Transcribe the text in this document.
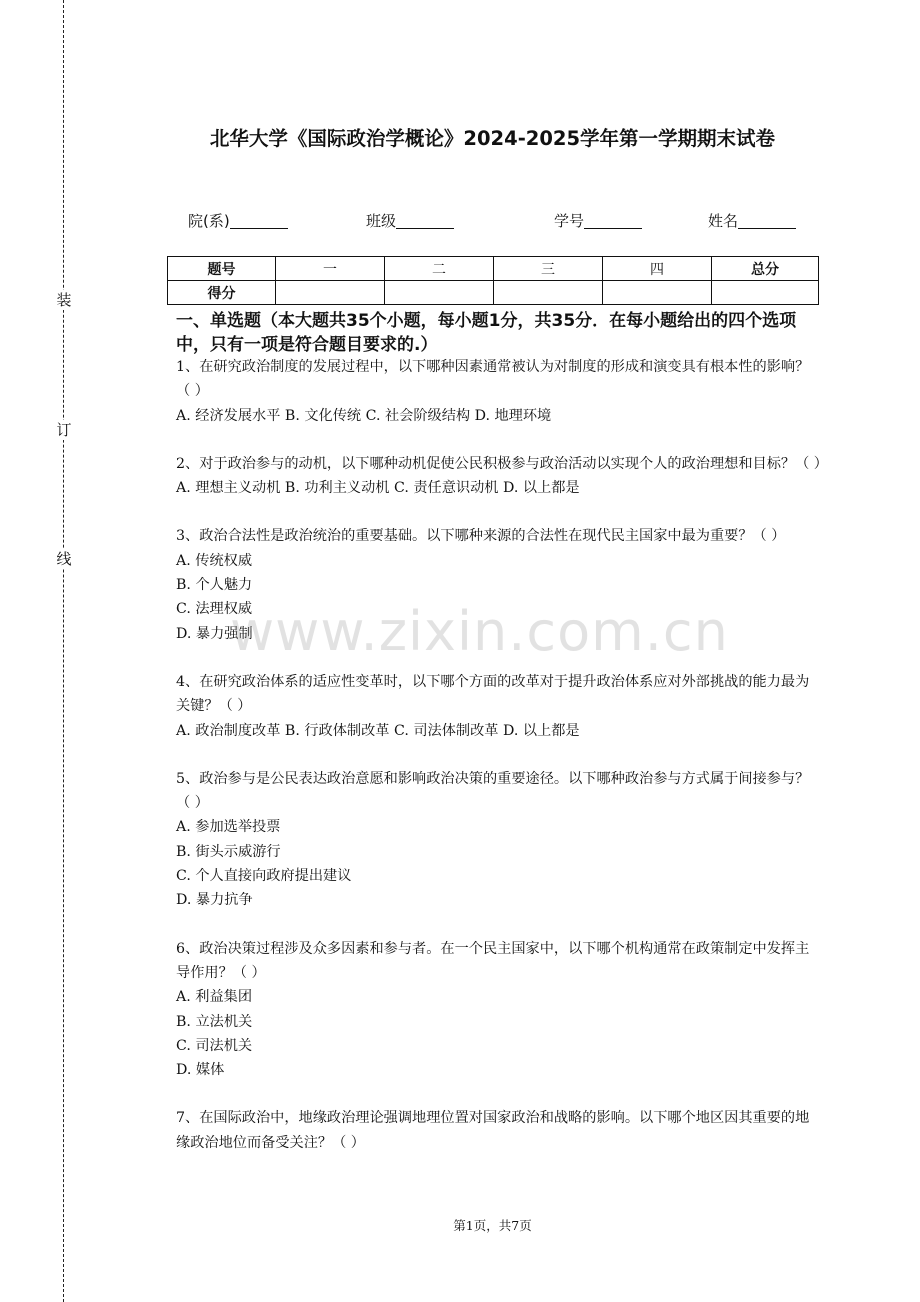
装
订
线
北华大学《国际政治学概论》2024-2025学年第一学期期末试卷
院(系)	班级	学号	姓名
题号	一	二	三	四	总分
得分					
一、单选题（本大题共35个小题，每小题1分，共35分．在每小题给出的四个选项中，只有一项是符合题目要求的.）

1、在研究政治制度的发展过程中，以下哪种因素通常被认为对制度的形成和演变具有根本性的影响？（ ）

A. 经济发展水平 B. 文化传统 C. 社会阶级结构 D. 地理环境

2、对于政治参与的动机，以下哪种动机促使公民积极参与政治活动以实现个人的政治理想和目标？（ ）

A. 理想主义动机 B. 功利主义动机 C. 责任意识动机 D. 以上都是

3、政治合法性是政治统治的重要基础。以下哪种来源的合法性在现代民主国家中最为重要？（ ）

A. 传统权威

B. 个人魅力

C. 法理权威

D. 暴力强制

4、在研究政治体系的适应性变革时，以下哪个方面的改革对于提升政治体系应对外部挑战的能力最为关键？（ ）

A. 政治制度改革 B. 行政体制改革 C. 司法体制改革 D. 以上都是

5、政治参与是公民表达政治意愿和影响政治决策的重要途径。以下哪种政治参与方式属于间接参与？（ ）

A. 参加选举投票

B. 街头示威游行

C. 个人直接向政府提出建议

D. 暴力抗争

6、政治决策过程涉及众多因素和参与者。在一个民主国家中，以下哪个机构通常在政策制定中发挥主导作用？（ ）

A. 利益集团

B. 立法机关

C. 司法机关

D. 媒体

7、在国际政治中，地缘政治理论强调地理位置对国家政治和战略的影响。以下哪个地区因其重要的地缘政治地位而备受关注？（ ）

www.zixin.com.cn
第1页，共7页
